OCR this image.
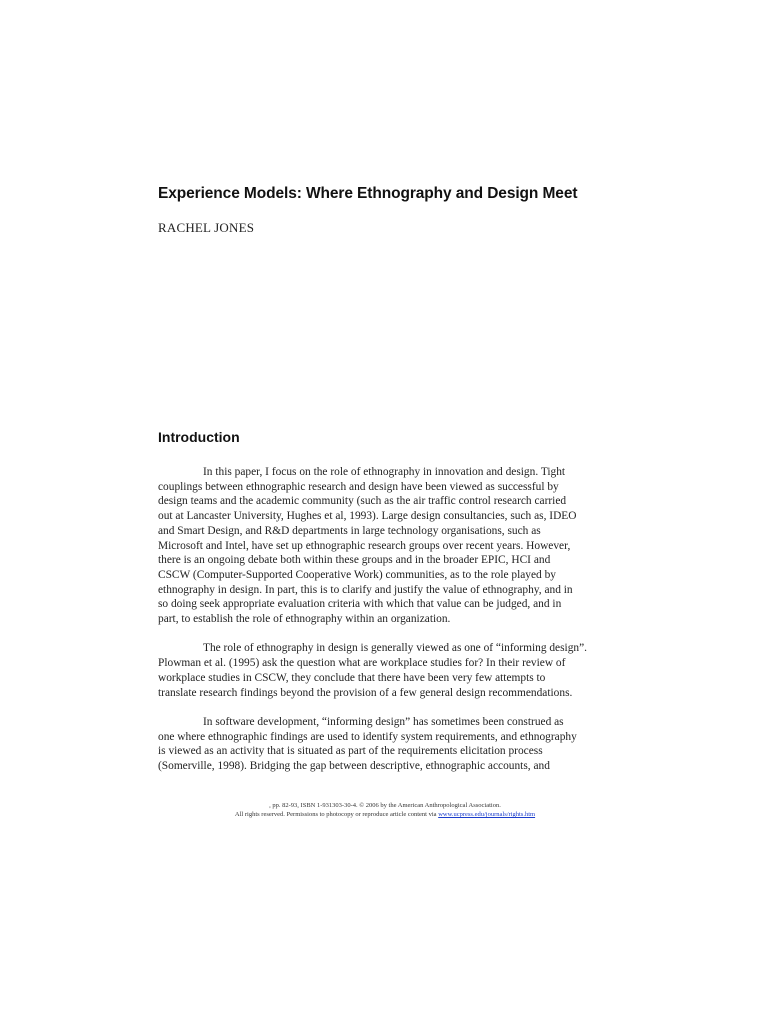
Experience Models: Where Ethnography and Design Meet
RACHEL JONES
Introduction
In this paper, I focus on the role of ethnography in innovation and design. Tight
couplings between ethnographic research and design have been viewed as successful by
design teams and the academic community (such as the air traffic control research carried
out at Lancaster University, Hughes et al, 1993). Large design consultancies, such as, IDEO
and Smart Design, and R&D departments in large technology organisations, such as
Microsoft and Intel, have set up ethnographic research groups over recent years. However,
there is an ongoing debate both within these groups and in the broader EPIC, HCI and
CSCW (Computer-Supported Cooperative Work) communities, as to the role played by
ethnography in design. In part, this is to clarify and justify the value of ethnography, and in
so doing seek appropriate evaluation criteria with which that value can be judged, and in
part, to establish the role of ethnography within an organization.
The role of ethnography in design is generally viewed as one of “informing design”.
Plowman et al. (1995) ask the question what are workplace studies for? In their review of
workplace studies in CSCW, they conclude that there have been very few attempts to
translate research findings beyond the provision of a few general design recommendations.
In software development, “informing design” has sometimes been construed as
one where ethnographic findings are used to identify system requirements, and ethnography
is viewed as an activity that is situated as part of the requirements elicitation process
(Somerville, 1998). Bridging the gap between descriptive, ethnographic accounts, and
, pp. 82-93, ISBN 1-931303-30-4. © 2006 by the American Anthropological Association.
All rights reserved. Permissions to photocopy or reproduce article content via www.ucpress.edu/journals/rights.htm
